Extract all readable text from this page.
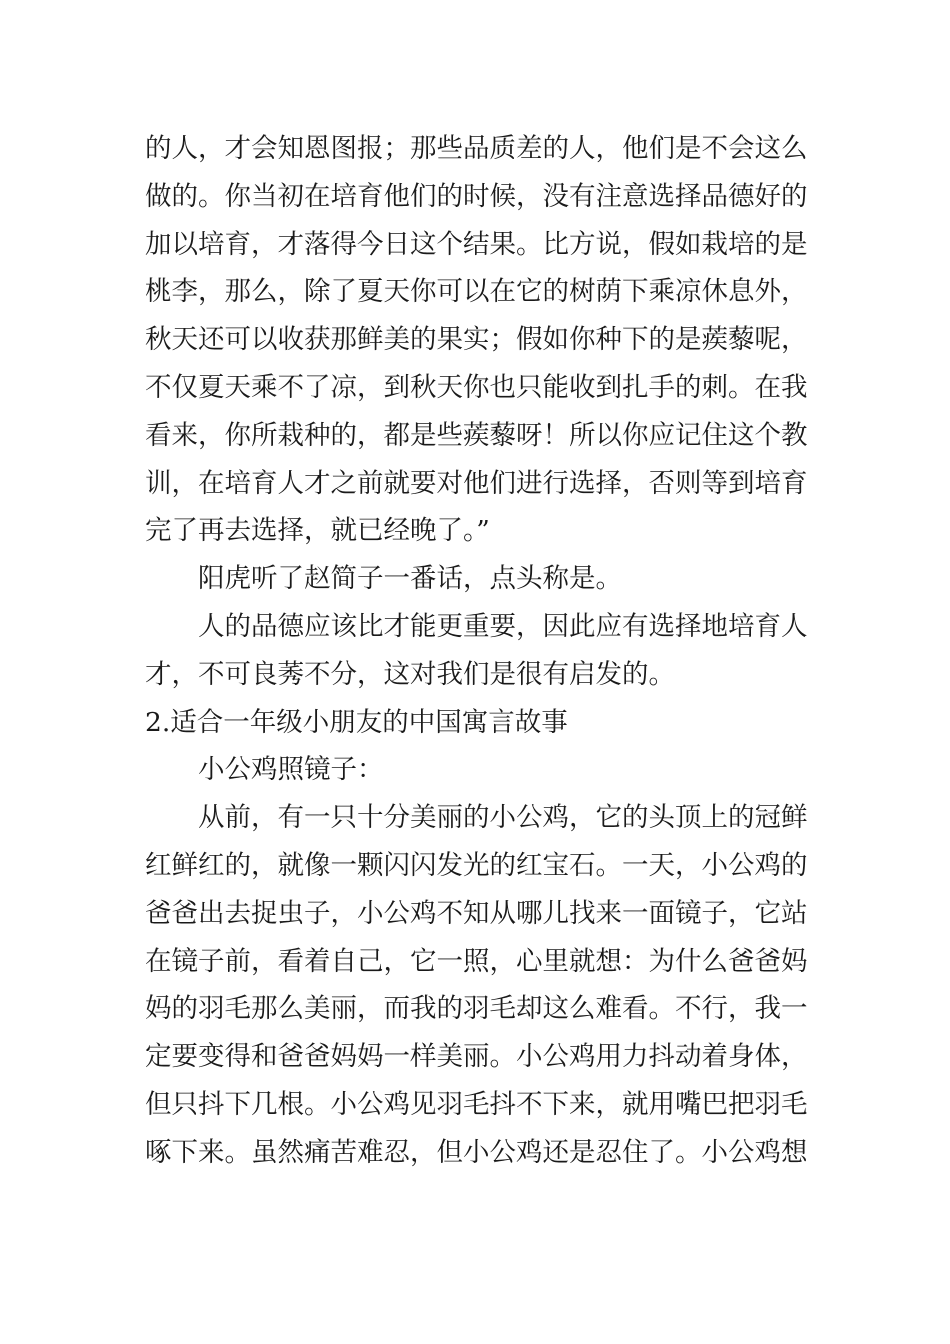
的人，才会知恩图报；那些品质差的人，他们是不会这么
做的。你当初在培育他们的时候，没有注意选择品德好的
加以培育，才落得今日这个结果。比方说，假如栽培的是
桃李，那么，除了夏天你可以在它的树荫下乘凉休息外，
秋天还可以收获那鲜美的果实；假如你种下的是蒺藜呢，
不仅夏天乘不了凉，到秋天你也只能收到扎手的刺。在我
看来，你所栽种的，都是些蒺藜呀！所以你应记住这个教
训，在培育人才之前就要对他们进行选择，否则等到培育
完了再去选择，就已经晚了。”
阳虎听了赵简子一番话，点头称是。
人的品德应该比才能更重要，因此应有选择地培育人
才，不可良莠不分，这对我们是很有启发的。
2.适合一年级小朋友的中国寓言故事
小公鸡照镜子：
从前，有一只十分美丽的小公鸡，它的头顶上的冠鲜
红鲜红的，就像一颗闪闪发光的红宝石。一天，小公鸡的
爸爸出去捉虫子，小公鸡不知从哪儿找来一面镜子，它站
在镜子前，看着自己，它一照，心里就想：为什么爸爸妈
妈的羽毛那么美丽，而我的羽毛却这么难看。不行，我一
定要变得和爸爸妈妈一样美丽。小公鸡用力抖动着身体，
但只抖下几根。小公鸡见羽毛抖不下来，就用嘴巴把羽毛
啄下来。虽然痛苦难忍，但小公鸡还是忍住了。小公鸡想
